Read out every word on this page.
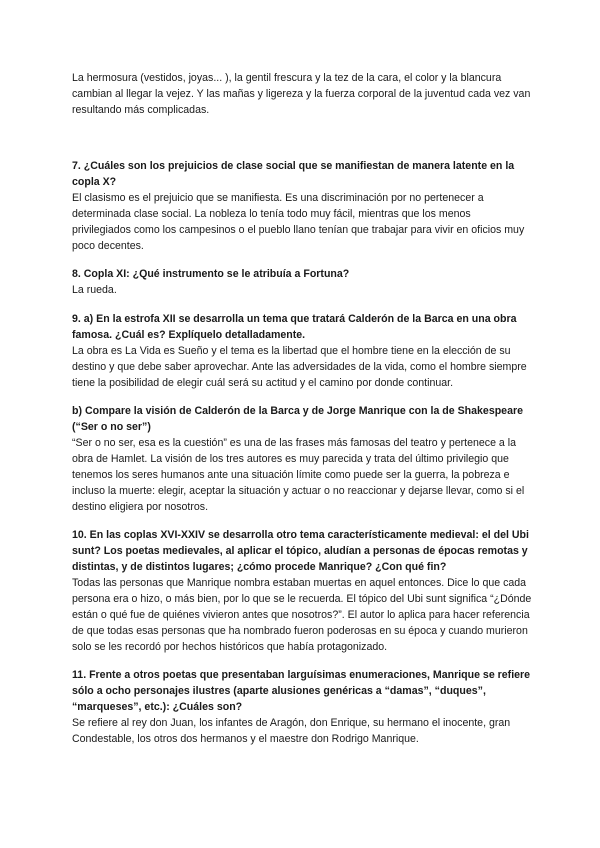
La hermosura (vestidos, joyas... ), la gentil frescura y la tez de la cara, el color y la blancura cambian al llegar la vejez. Y las mañas y ligereza y la fuerza corporal de la juventud cada vez van resultando más complicadas.

7. ¿Cuáles son los prejuicios de clase social que se manifiestan de manera latente en la copla X?

El clasismo es el prejuicio que se manifiesta. Es una discriminación por no pertenecer a determinada clase social. La nobleza lo tenía todo muy fácil, mientras que los menos privilegiados como los campesinos o el pueblo llano tenían que trabajar para vivir en oficios muy poco decentes.

8. Copla XI: ¿Qué instrumento se le atribuía a Fortuna?

La rueda.

9. a) En la estrofa XII se desarrolla un tema que tratará Calderón de la Barca en una obra famosa. ¿Cuál es? Explíquelo detalladamente.

La obra es La Vida es Sueño y el tema es la libertad que el hombre tiene en la elección de su destino y que debe saber aprovechar. Ante las adversidades de la vida, como el hombre siempre tiene la posibilidad de elegir cuál será su actitud y el camino por donde continuar.

b) Compare la visión de Calderón de la Barca y de Jorge Manrique con la de Shakespeare (“Ser o no ser”)

“Ser o no ser, esa es la cuestión” es una de las frases más famosas del teatro y pertenece a la obra de Hamlet. La visión de los tres autores es muy parecida y trata del último privilegio que tenemos los seres humanos ante una situación límite como puede ser la guerra, la pobreza e incluso la muerte: elegir, aceptar la situación y actuar o no reaccionar y dejarse llevar, como si el destino eligiera por nosotros.

10. En las coplas XVI-XXIV se desarrolla otro tema característicamente medieval: el del Ubi sunt? Los poetas medievales, al aplicar el tópico, aludían a personas de épocas remotas y distintas, y de distintos lugares; ¿cómo procede Manrique? ¿Con qué fin?

Todas las personas que Manrique nombra estaban muertas en aquel entonces. Dice lo que cada persona era o hizo, o más bien, por lo que se le recuerda. El tópico del Ubi sunt significa “¿Dónde están o qué fue de quiénes vivieron antes que nosotros?”. El autor lo aplica para hacer referencia de que todas esas personas que ha nombrado fueron poderosas en su época y cuando murieron solo se les recordó por hechos históricos que había protagonizado.

11. Frente a otros poetas que presentaban larguísimas enumeraciones, Manrique se refiere sólo a ocho personajes ilustres (aparte alusiones genéricas a “damas”, “duques”, “marqueses”, etc.): ¿Cuáles son?

Se refiere al rey don Juan, los infantes de Aragón, don Enrique, su hermano el inocente, gran Condestable, los otros dos hermanos y el maestre don Rodrigo Manrique.
